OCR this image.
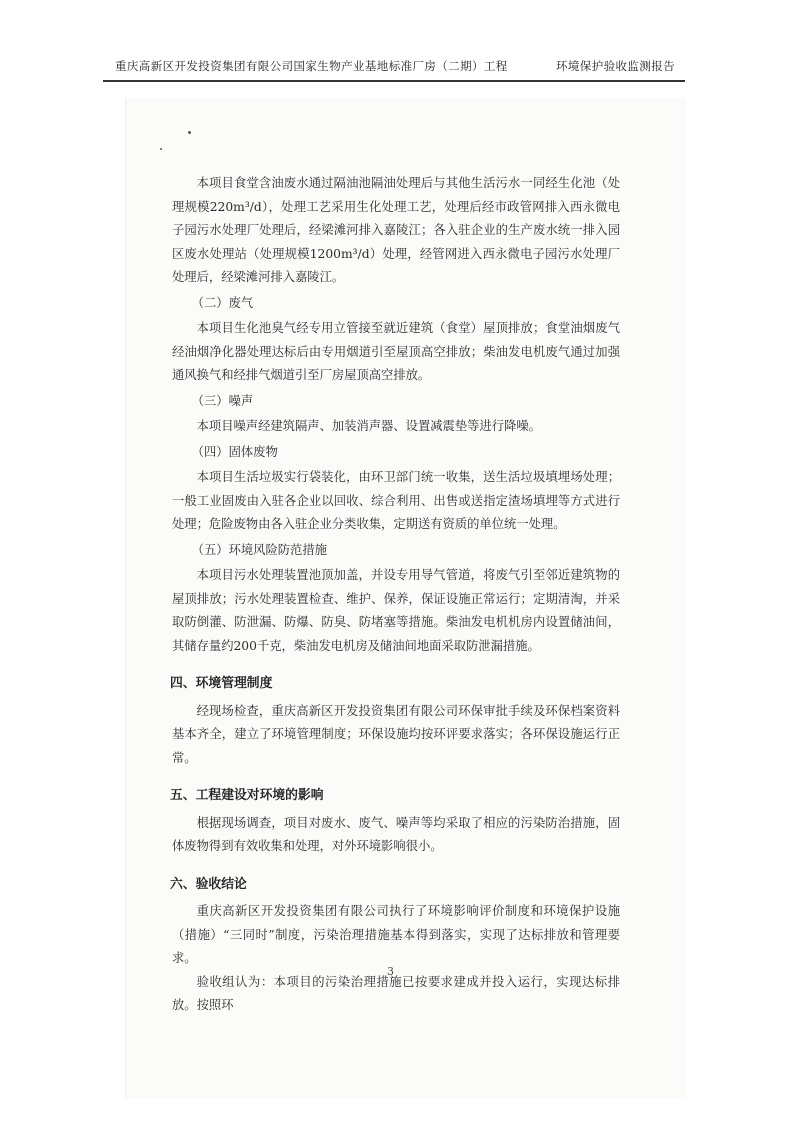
重庆高新区开发投资集团有限公司国家生物产业基地标准厂房（二期）工程	环境保护验收监测报告

本项目食堂含油废水通过隔油池隔油处理后与其他生活污水一同经生化池（处理规模220m³/d），处理工艺采用生化处理工艺，处理后经市政管网排入西永微电子园污水处理厂处理后，经梁滩河排入嘉陵江；各入驻企业的生产废水统一排入园区废水处理站（处理规模1200m³/d）处理，经管网进入西永微电子园污水处理厂处理后，经梁滩河排入嘉陵江。

（二）废气

本项目生化池臭气经专用立管接至就近建筑（食堂）屋顶排放；食堂油烟废气经油烟净化器处理达标后由专用烟道引至屋顶高空排放；柴油发电机废气通过加强通风换气和经排气烟道引至厂房屋顶高空排放。

（三）噪声

本项目噪声经建筑隔声、加装消声器、设置减震垫等进行降噪。

（四）固体废物

本项目生活垃圾实行袋装化，由环卫部门统一收集，送生活垃圾填埋场处理；一般工业固废由入驻各企业以回收、综合利用、出售或送指定渣场填埋等方式进行处理；危险废物由各入驻企业分类收集，定期送有资质的单位统一处理。

（五）环境风险防范措施

本项目污水处理装置池顶加盖，并设专用导气管道，将废气引至邻近建筑物的屋顶排放；污水处理装置检查、维护、保养，保证设施正常运行；定期清淘，并采取防倒灌、防泄漏、防爆、防臭、防堵塞等措施。柴油发电机机房内设置储油间，其储存量约200千克，柴油发电机房及储油间地面采取防泄漏措施。

四、环境管理制度

经现场检查，重庆高新区开发投资集团有限公司环保审批手续及环保档案资料基本齐全，建立了环境管理制度；环保设施均按环评要求落实；各环保设施运行正常。

五、工程建设对环境的影响

根据现场调查，项目对废水、废气、噪声等均采取了相应的污染防治措施，固体废物得到有效收集和处理，对外环境影响很小。

六、验收结论

重庆高新区开发投资集团有限公司执行了环境影响评价制度和环境保护设施（措施）“三同时”制度，污染治理措施基本得到落实，实现了达标排放和管理要求。

验收组认为：本项目的污染治理措施已按要求建成并投入运行，实现达标排放。按照环

3
